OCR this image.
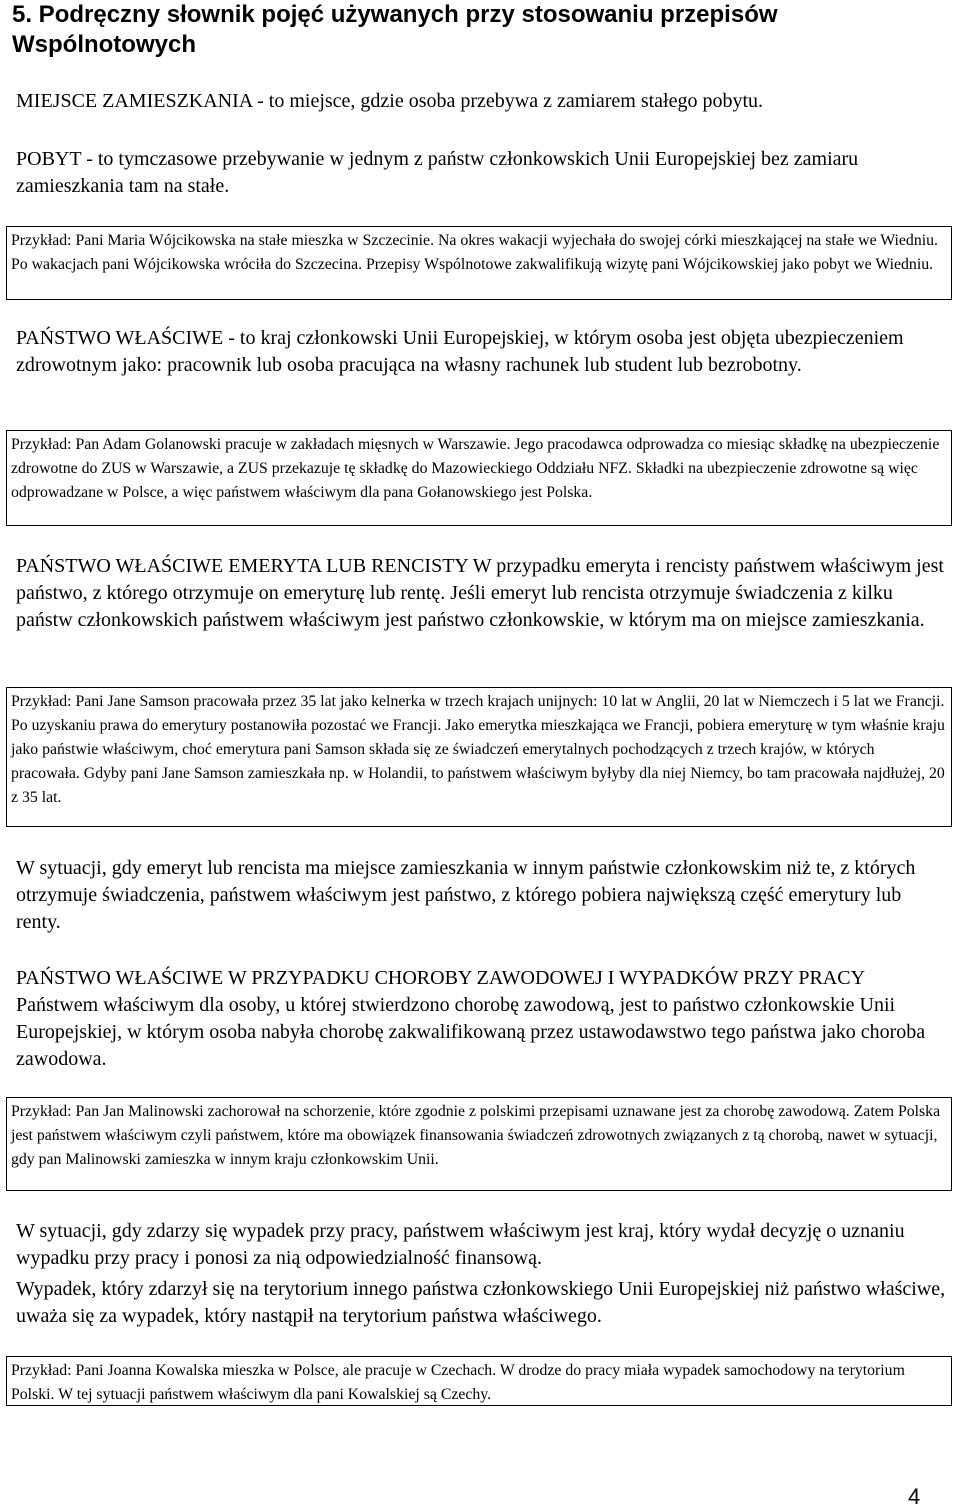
5. Podręczny słownik pojęć używanych przy stosowaniu przepisów
Wspólnotowych

MIEJSCE ZAMIESZKANIA - to miejsce, gdzie osoba przebywa z zamiarem stałego pobytu.

POBYT - to tymczasowe przebywanie w jednym z państw członkowskich Unii Europejskiej bez zamiaru zamieszkania tam na stałe.

Przykład: Pani Maria Wójcikowska na stałe mieszka w Szczecinie. Na okres wakacji wyjechała do swojej córki mieszkającej na stałe we Wiedniu. Po wakacjach pani Wójcikowska wróciła do Szczecina. Przepisy Wspólnotowe zakwalifikują wizytę pani Wójcikowskiej jako pobyt we Wiedniu.

PAŃSTWO WŁAŚCIWE - to kraj członkowski Unii Europejskiej, w którym osoba jest objęta ubezpieczeniem zdrowotnym jako: pracownik lub osoba pracująca na własny rachunek lub student lub bezrobotny.

Przykład: Pan Adam Golanowski pracuje w zakładach mięsnych w Warszawie. Jego pracodawca odprowadza co miesiąc składkę na ubezpieczenie zdrowotne do ZUS w Warszawie, a ZUS przekazuje tę składkę do Mazowieckiego Oddziału NFZ. Składki na ubezpieczenie zdrowotne są więc odprowadzane w Polsce, a więc państwem właściwym dla pana Gołanowskiego jest Polska.

PAŃSTWO WŁAŚCIWE EMERYTA LUB RENCISTY W przypadku emeryta i rencisty państwem właściwym jest państwo, z którego otrzymuje on emeryturę lub rentę. Jeśli emeryt lub rencista otrzymuje świadczenia z kilku państw członkowskich państwem właściwym jest państwo członkowskie, w którym ma on miejsce zamieszkania.

Przykład: Pani Jane Samson pracowała przez 35 lat jako kelnerka w trzech krajach unijnych: 10 lat w Anglii, 20 lat w Niemczech i 5 lat we Francji. Po uzyskaniu prawa do emerytury postanowiła pozostać we Francji. Jako emerytka mieszkająca we Francji, pobiera emeryturę w tym właśnie kraju jako państwie właściwym, choć emerytura pani Samson składa się ze świadczeń emerytalnych pochodzących z trzech krajów, w których pracowała. Gdyby pani Jane Samson zamieszkała np. w Holandii, to państwem właściwym byłyby dla niej Niemcy, bo tam pracowała najdłużej, 20 z 35 lat.

W sytuacji, gdy emeryt lub rencista ma miejsce zamieszkania w innym państwie członkowskim niż te, z których otrzymuje świadczenia, państwem właściwym jest państwo, z którego pobiera największą część emerytury lub renty.

PAŃSTWO WŁAŚCIWE W PRZYPADKU CHOROBY ZAWODOWEJ I WYPADKÓW PRZY PRACY Państwem właściwym dla osoby, u której stwierdzono chorobę zawodową, jest to państwo członkowskie Unii Europejskiej, w którym osoba nabyła chorobę zakwalifikowaną przez ustawodawstwo tego państwa jako choroba zawodowa.

Przykład: Pan Jan Malinowski zachorował na schorzenie, które zgodnie z polskimi przepisami uznawane jest za chorobę zawodową. Zatem Polska jest państwem właściwym czyli państwem, które ma obowiązek finansowania świadczeń zdrowotnych związanych z tą chorobą, nawet w sytuacji, gdy pan Malinowski zamieszka w innym kraju członkowskim Unii.

W sytuacji, gdy zdarzy się wypadek przy pracy, państwem właściwym jest kraj, który wydał decyzję o uznaniu wypadku przy pracy i ponosi za nią odpowiedzialność finansową.

Wypadek, który zdarzył się na terytorium innego państwa członkowskiego Unii Europejskiej niż państwo właściwe, uważa się za wypadek, który nastąpił na terytorium państwa właściwego.

Przykład: Pani Joanna Kowalska mieszka w Polsce, ale pracuje w Czechach. W drodze do pracy miała wypadek samochodowy na terytorium Polski. W tej sytuacji państwem właściwym dla pani Kowalskiej są Czechy.
4
